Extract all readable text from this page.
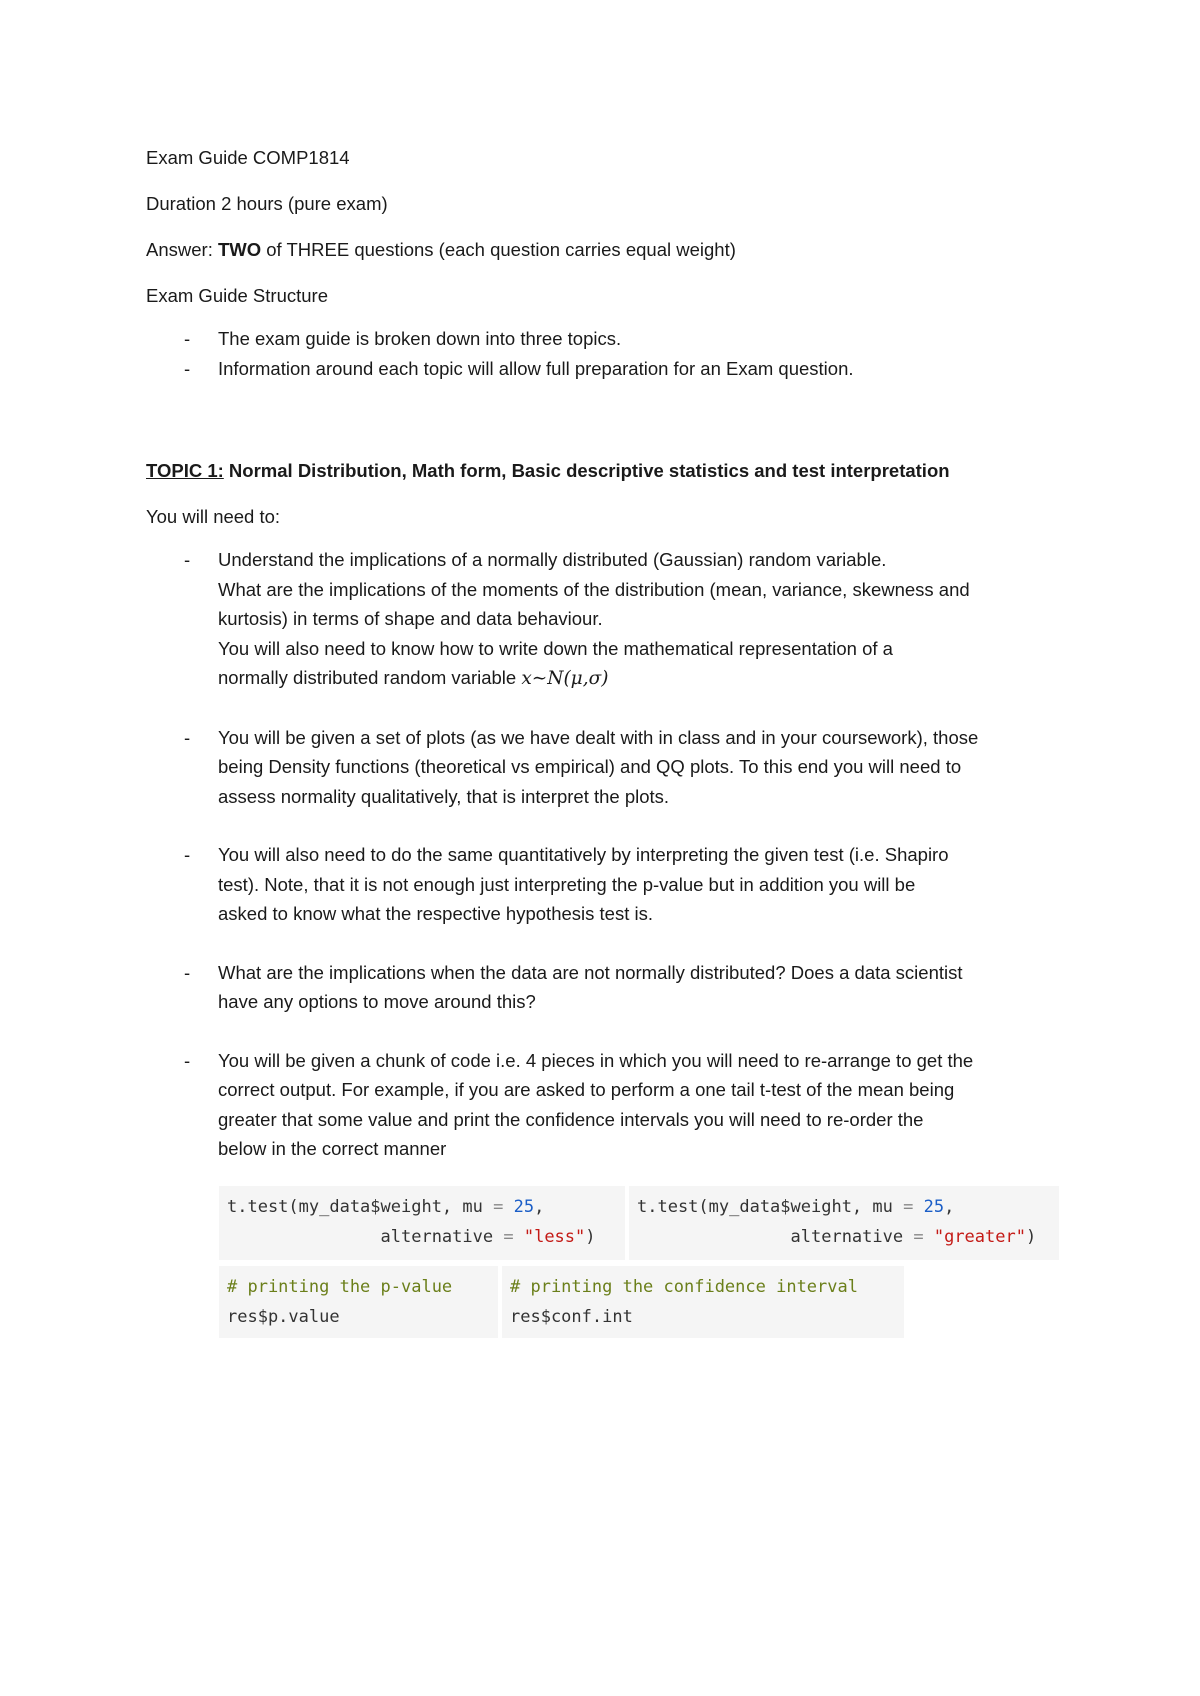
Exam Guide COMP1814
Duration 2 hours (pure exam)
Answer: TWO of THREE questions (each question carries equal weight)
Exam Guide Structure
- The exam guide is broken down into three topics.
- Information around each topic will allow full preparation for an Exam question.
TOPIC 1: Normal Distribution, Math form, Basic descriptive statistics and test interpretation
You will need to:
- Understand the implications of a normally distributed (Gaussian) random variable.
What are the implications of the moments of the distribution (mean, variance, skewness and
kurtosis) in terms of shape and data behaviour.
You will also need to know how to write down the mathematical representation of a
normally distributed random variable x∼N(μ,σ)
- You will be given a set of plots (as we have dealt with in class and in your coursework), those
being Density functions (theoretical vs empirical) and QQ plots. To this end you will need to
assess normality qualitatively, that is interpret the plots.
- You will also need to do the same quantitatively by interpreting the given test (i.e. Shapiro
test). Note, that it is not enough just interpreting the p-value but in addition you will be
asked to know what the respective hypothesis test is.
- What are the implications when the data are not normally distributed? Does a data scientist
have any options to move around this?
- You will be given a chunk of code i.e. 4 pieces in which you will need to re-arrange to get the
correct output. For example, if you are asked to perform a one tail t-test of the mean being
greater that some value and print the confidence intervals you will need to re-order the
below in the correct manner
t.test(my_data$weight, mu = 25,
alternative = "less")
t.test(my_data$weight, mu = 25,
alternative = "greater")
# printing the p-value
res$p.value
# printing the confidence interval
res$conf.int
